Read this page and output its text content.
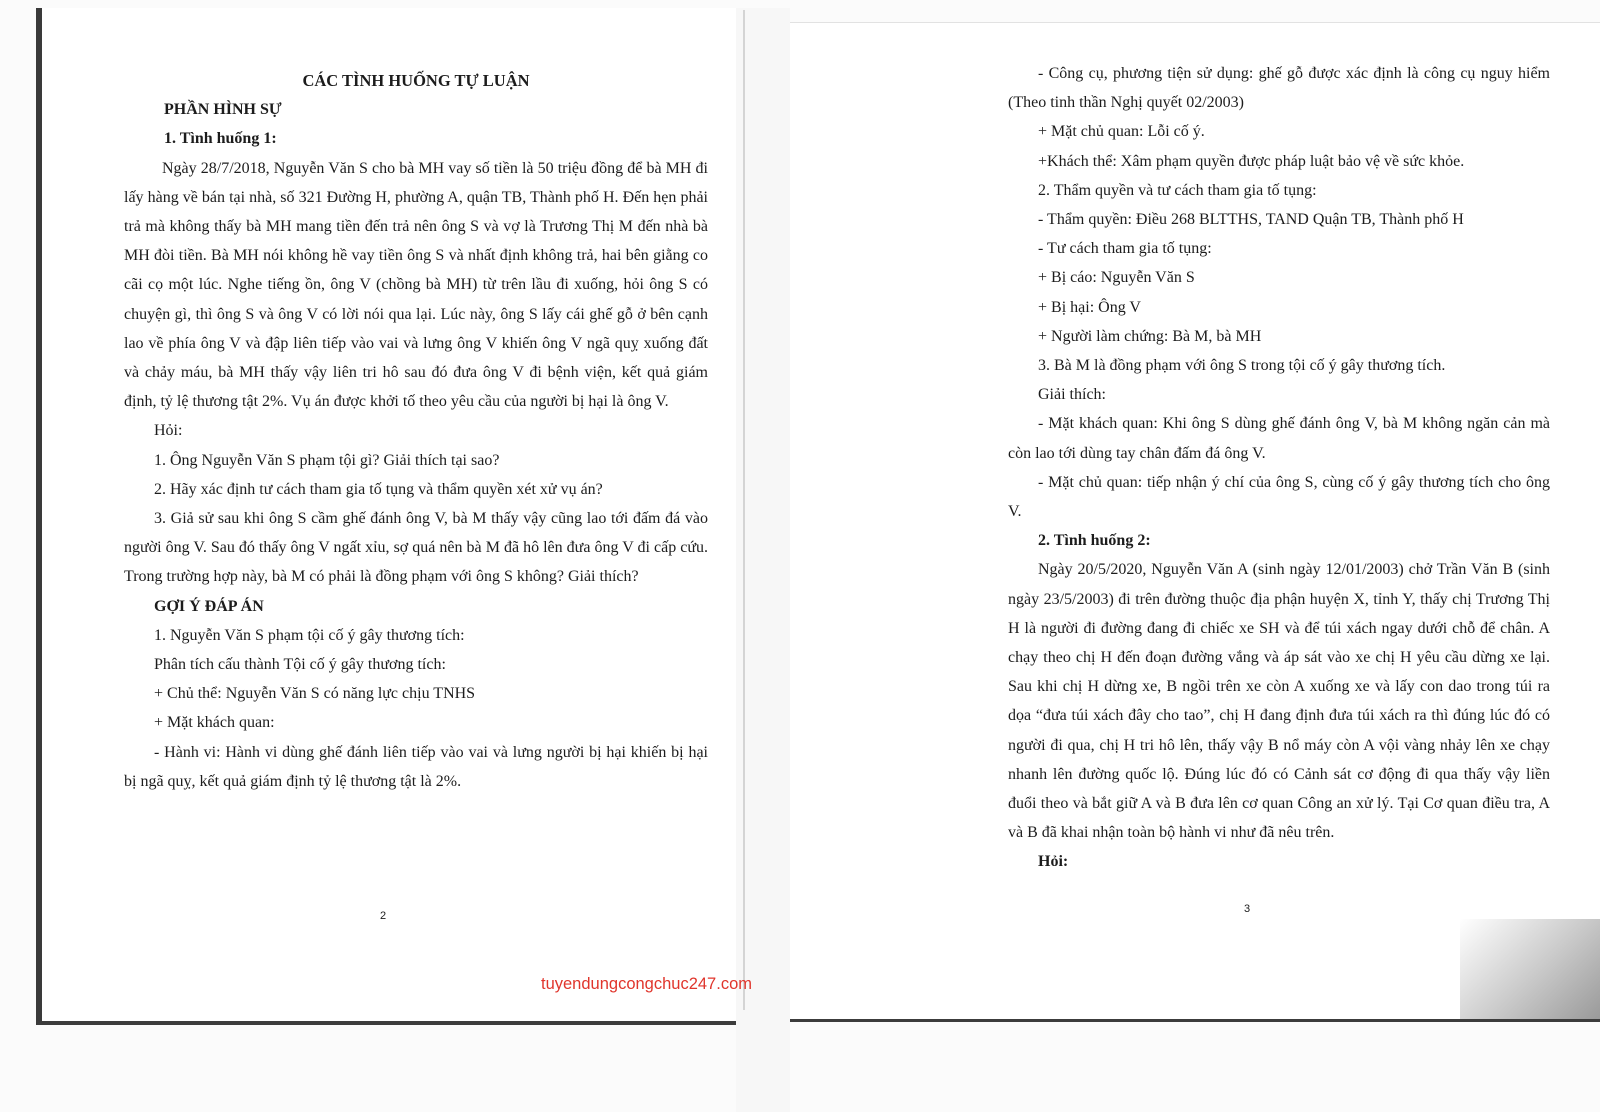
CÁC TÌNH HUỐNG TỰ LUẬN

PHẦN HÌNH SỰ

1. Tình huống 1:

Ngày 28/7/2018, Nguyễn Văn S cho bà MH vay số tiền là 50 triệu đồng để bà MH đi lấy hàng về bán tại nhà, số 321 Đường H, phường A, quận TB, Thành phố H. Đến hẹn phải trả mà không thấy bà MH mang tiền đến trả nên ông S và vợ là Trương Thị M đến nhà bà MH đòi tiền. Bà MH nói không hề vay tiền ông S và nhất định không trả, hai bên giằng co cãi cọ một lúc. Nghe tiếng ồn, ông V (chồng bà MH) từ trên lầu đi xuống, hỏi ông S có chuyện gì, thì ông S và ông V có lời nói qua lại. Lúc này, ông S lấy cái ghế gỗ ở bên cạnh lao về phía ông V và đập liên tiếp vào vai và lưng ông V khiến ông V ngã quỵ xuống đất và chảy máu, bà MH thấy vậy liên tri hô sau đó đưa ông V đi bệnh viện, kết quả giám định, tỷ lệ thương tật 2%. Vụ án được khởi tố theo yêu cầu của người bị hại là ông V.

Hỏi:

1. Ông Nguyễn Văn S phạm tội gì? Giải thích tại sao?

2. Hãy xác định tư cách tham gia tố tụng và thẩm quyền xét xử vụ án?

3. Giả sử sau khi ông S cầm ghế đánh ông V, bà M thấy vậy cũng lao tới đấm đá vào người ông V. Sau đó thấy ông V ngất xỉu, sợ quá nên bà M đã hô lên đưa ông V đi cấp cứu. Trong trường hợp này, bà M có phải là đồng phạm với ông S không? Giải thích?

GỢI Ý ĐÁP ÁN

1. Nguyễn Văn S phạm tội cố ý gây thương tích:

Phân tích cấu thành Tội cố ý gây thương tích:

+ Chủ thể: Nguyễn Văn S có năng lực chịu TNHS

+ Mặt khách quan:

- Hành vi: Hành vi dùng ghế đánh liên tiếp vào vai và lưng người bị hại khiến bị hại bị ngã quỵ, kết quả giám định tỷ lệ thương tật là 2%.

2

- Công cụ, phương tiện sử dụng: ghế gỗ được xác định là công cụ nguy hiểm (Theo tinh thần Nghị quyết 02/2003)

+ Mặt chủ quan: Lỗi cố ý.

+Khách thể: Xâm phạm quyền được pháp luật bảo vệ về sức khỏe.

2. Thẩm quyền và tư cách tham gia tố tụng:

- Thẩm quyền: Điều 268 BLTTHS, TAND Quận TB, Thành phố H

- Tư cách tham gia tố tụng:

+ Bị cáo: Nguyễn Văn S

+ Bị hại: Ông V

+ Người làm chứng: Bà M, bà MH

3. Bà M là đồng phạm với ông S trong tội cố ý gây thương tích.

Giải thích:

- Mặt khách quan: Khi ông S dùng ghế đánh ông V, bà M không ngăn cản mà còn lao tới dùng tay chân đấm đá ông V.

- Mặt chủ quan: tiếp nhận ý chí của ông S, cùng cố ý gây thương tích cho ông V.

2. Tình huống 2:

Ngày 20/5/2020, Nguyễn Văn A (sinh ngày 12/01/2003) chở Trần Văn B (sinh ngày 23/5/2003) đi trên đường thuộc địa phận huyện X, tỉnh Y, thấy chị Trương Thị H là người đi đường đang đi chiếc xe SH và để túi xách ngay dưới chỗ để chân. A chạy theo chị H đến đoạn đường vắng và áp sát vào xe chị H yêu cầu dừng xe lại. Sau khi chị H dừng xe, B ngồi trên xe còn A xuống xe và lấy con dao trong túi ra dọa “đưa túi xách đây cho tao”, chị H đang định đưa túi xách ra thì đúng lúc đó có người đi qua, chị H tri hô lên, thấy vậy B nổ máy còn A vội vàng nhảy lên xe chạy nhanh lên đường quốc lộ. Đúng lúc đó có Cảnh sát cơ động đi qua thấy vậy liền đuổi theo và bắt giữ A và B đưa lên cơ quan Công an xử lý. Tại Cơ quan điều tra, A và B đã khai nhận toàn bộ hành vi như đã nêu trên.

Hỏi:

3
tuyendungcongchuc247.com
